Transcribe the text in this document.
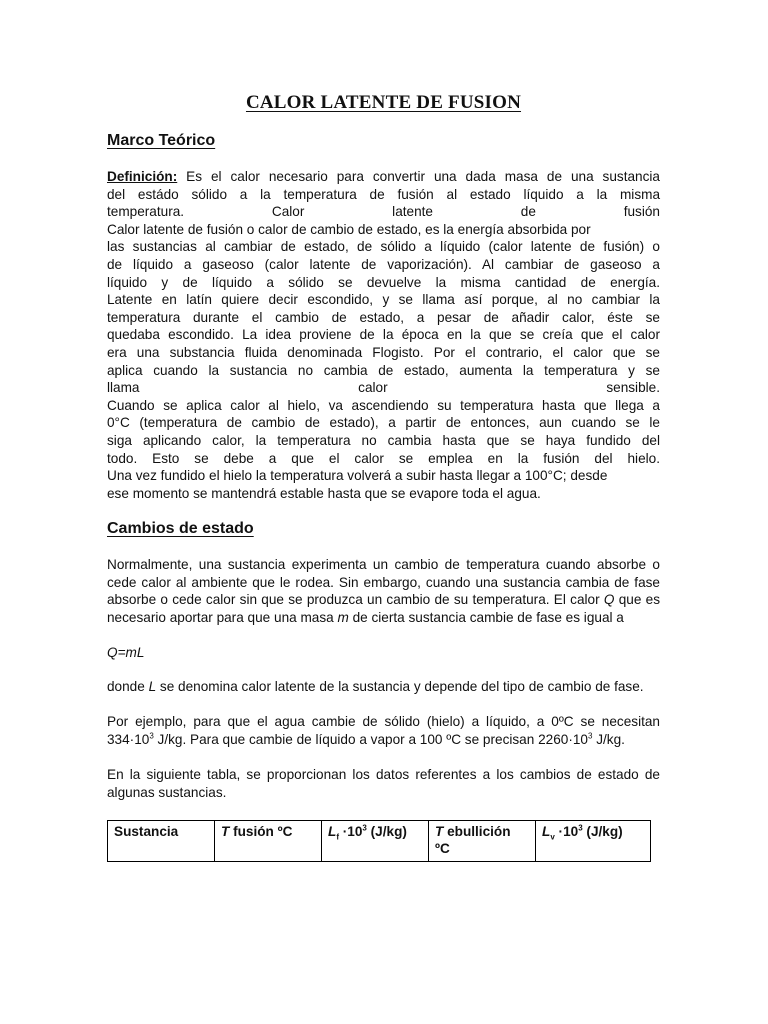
CALOR LATENTE DE FUSION
Marco Teórico
Definición: Es el calor necesario para convertir una dada masa de una sustancia
del estádo sólido a la temperatura de fusión al estado líquido a la misma
temperatura. Calor latente de fusión
Calor latente de fusión o calor de cambio de estado, es la energía absorbida por
las sustancias al cambiar de estado, de sólido a líquido (calor latente de fusión) o
de líquido a gaseoso (calor latente de vaporización). Al cambiar de gaseoso a
líquido y de líquido a sólido se devuelve la misma cantidad de energía.
Latente en latín quiere decir escondido, y se llama así porque, al no cambiar la
temperatura durante el cambio de estado, a pesar de añadir calor, éste se
quedaba escondido. La idea proviene de la época en la que se creía que el calor
era una substancia fluida denominada Flogisto. Por el contrario, el calor que se
aplica cuando la sustancia no cambia de estado, aumenta la temperatura y se
llama calor sensible.
Cuando se aplica calor al hielo, va ascendiendo su temperatura hasta que llega a
0°C (temperatura de cambio de estado), a partir de entonces, aun cuando se le
siga aplicando calor, la temperatura no cambia hasta que se haya fundido del
todo. Esto se debe a que el calor se emplea en la fusión del hielo.
Una vez fundido el hielo la temperatura volverá a subir hasta llegar a 100°C; desde
ese momento se mantendrá estable hasta que se evapore toda el agua.
Cambios de estado

Normalmente, una sustancia experimenta un cambio de temperatura cuando absorbe o cede calor al ambiente que le rodea. Sin embargo, cuando una sustancia cambia de fase absorbe o cede calor sin que se produzca un cambio de su temperatura. El calor Q que es necesario aportar para que una masa m de cierta sustancia cambie de fase es igual a

Q=mL

donde L se denomina calor latente de la sustancia y depende del tipo de cambio de fase.

Por ejemplo, para que el agua cambie de sólido (hielo) a líquido, a 0ºC se necesitan $334\cdot 10^3$ J/kg. Para que cambie de líquido a vapor a 100 ºC se precisan $2260\cdot 10^3$ J/kg.

En la siguiente tabla, se proporcionan los datos referentes a los cambios de estado de algunas sustancias.

Sustancia	T fusión ºC	$L_f \cdot 10^3$ (J/kg)	T ebullición ºC	$L_v \cdot 10^3$ (J/kg)
